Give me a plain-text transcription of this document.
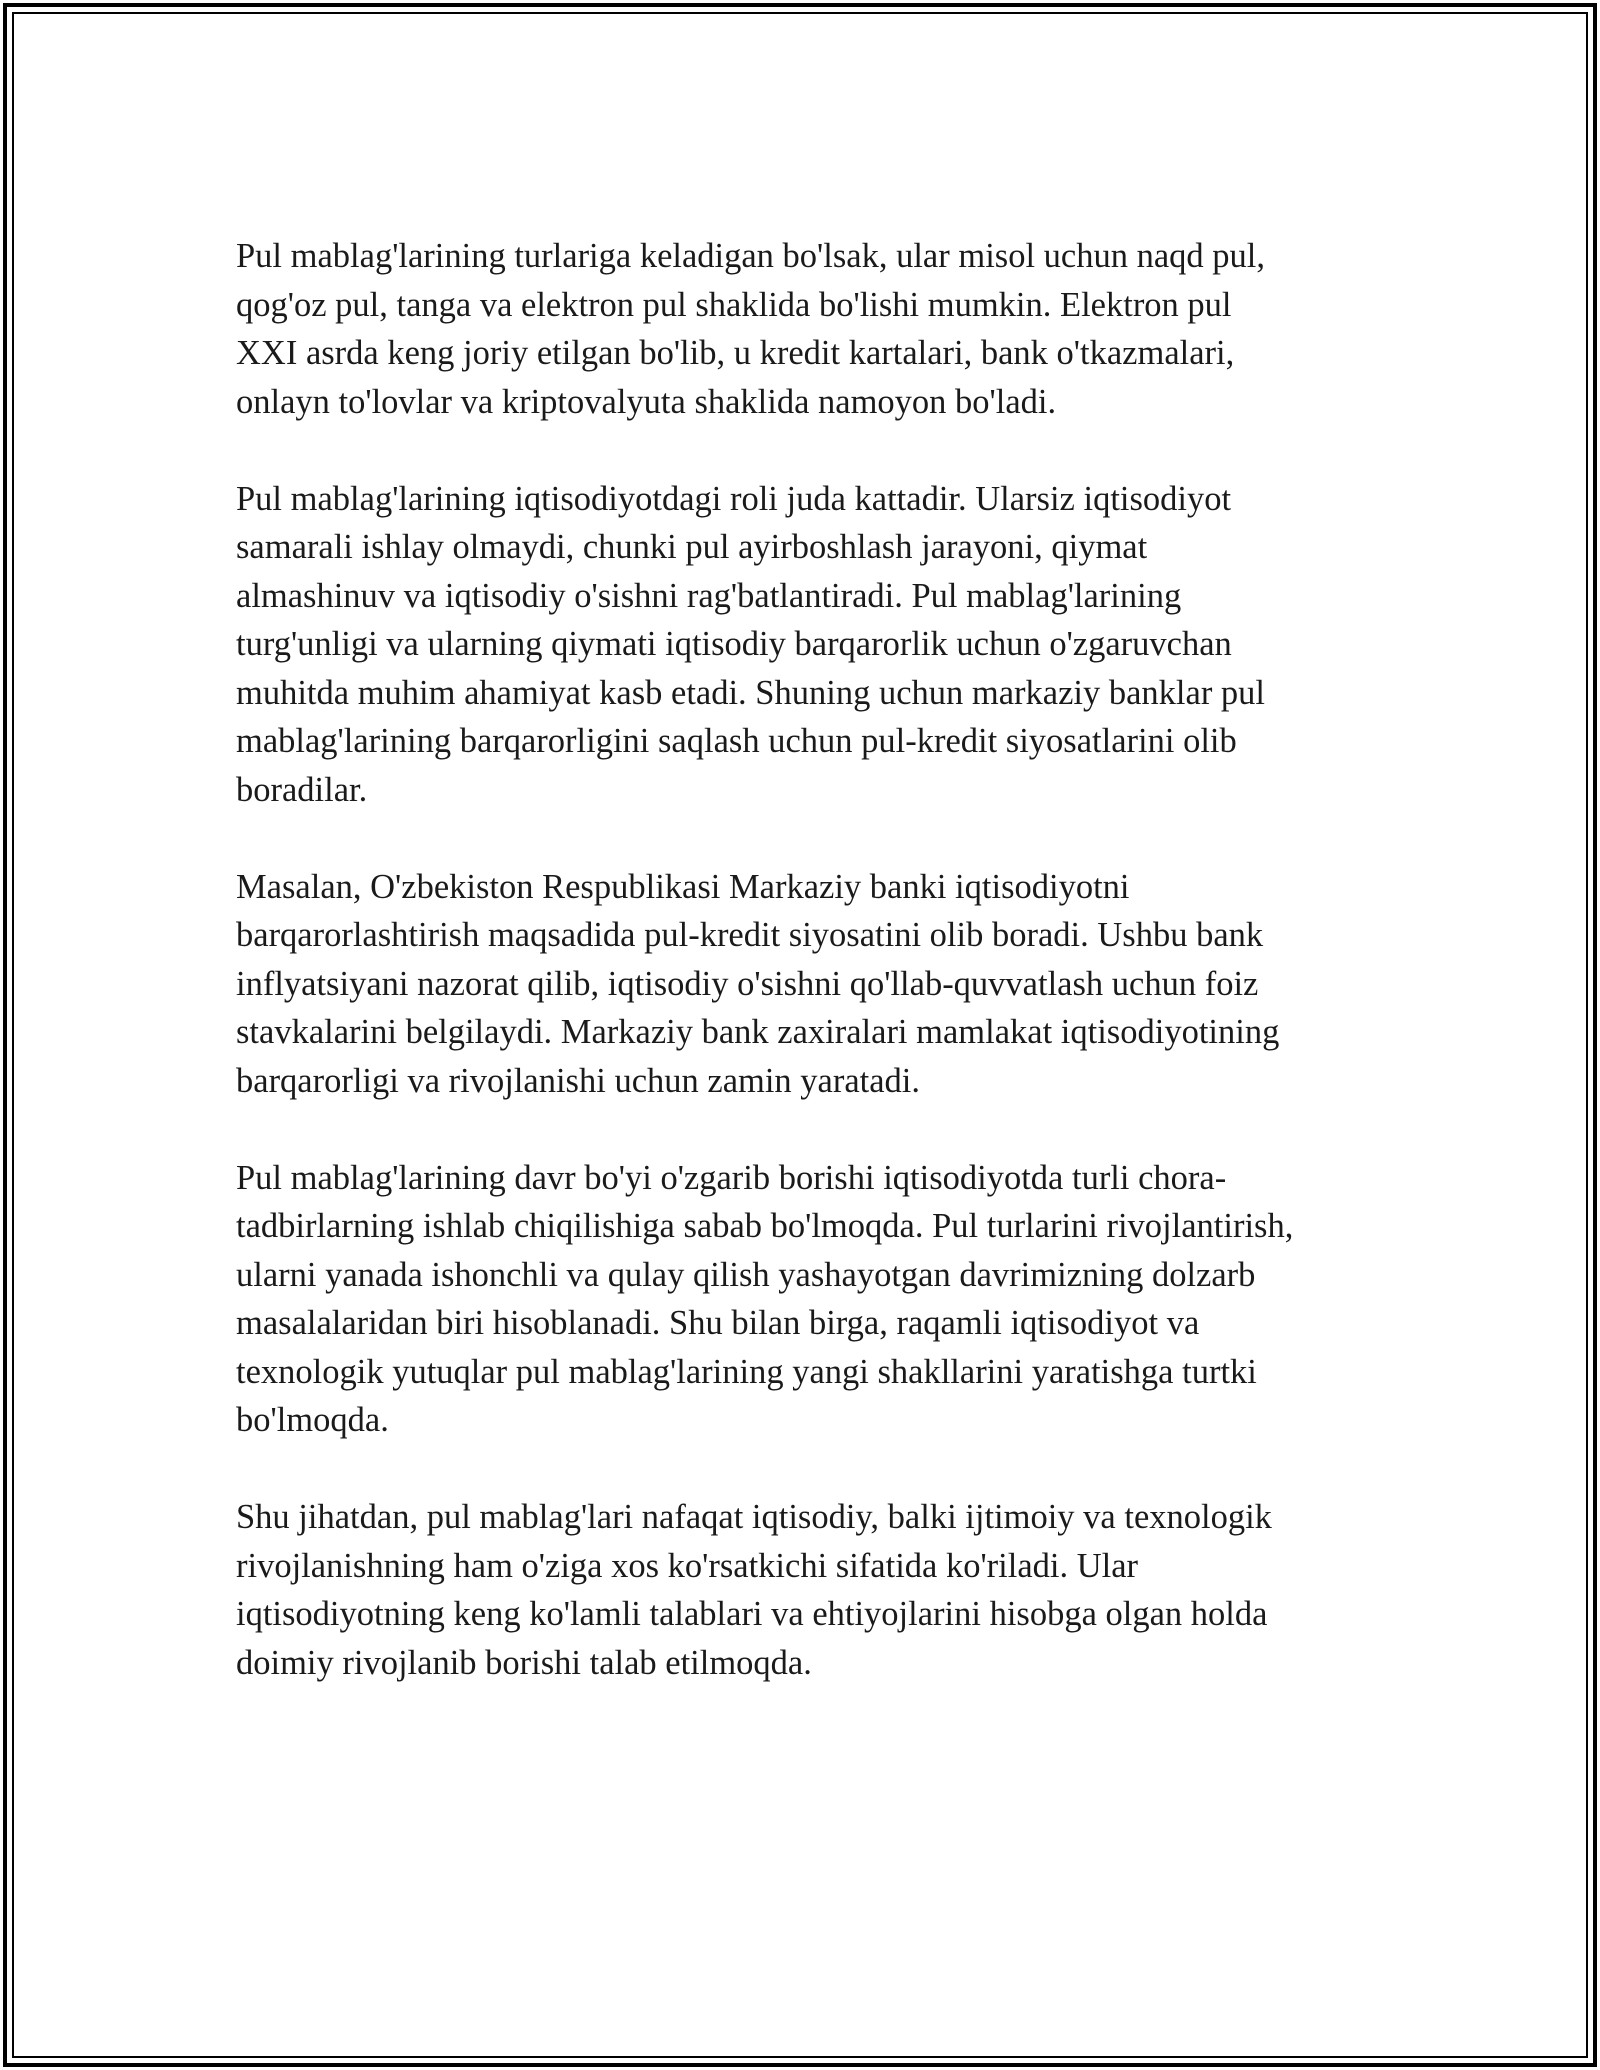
Pul mablag'larining turlariga keladigan bo'lsak, ular misol uchun naqd pul,
qog'oz pul, tanga va elektron pul shaklida bo'lishi mumkin. Elektron pul
XXI asrda keng joriy etilgan bo'lib, u kredit kartalari, bank o'tkazmalari,
onlayn to'lovlar va kriptovalyuta shaklida namoyon bo'ladi.

Pul mablag'larining iqtisodiyotdagi roli juda kattadir. Ularsiz iqtisodiyot
samarali ishlay olmaydi, chunki pul ayirboshlash jarayoni, qiymat
almashinuv va iqtisodiy o'sishni rag'batlantiradi. Pul mablag'larining
turg'unligi va ularning qiymati iqtisodiy barqarorlik uchun o'zgaruvchan
muhitda muhim ahamiyat kasb etadi. Shuning uchun markaziy banklar pul
mablag'larining barqarorligini saqlash uchun pul-kredit siyosatlarini olib
boradilar.

Masalan, O'zbekiston Respublikasi Markaziy banki iqtisodiyotni
barqarorlashtirish maqsadida pul-kredit siyosatini olib boradi. Ushbu bank
inflyatsiyani nazorat qilib, iqtisodiy o'sishni qo'llab-quvvatlash uchun foiz
stavkalarini belgilaydi. Markaziy bank zaxiralari mamlakat iqtisodiyotining
barqarorligi va rivojlanishi uchun zamin yaratadi.

Pul mablag'larining davr bo'yi o'zgarib borishi iqtisodiyotda turli chora-
tadbirlarning ishlab chiqilishiga sabab bo'lmoqda. Pul turlarini rivojlantirish,
ularni yanada ishonchli va qulay qilish yashayotgan davrimizning dolzarb
masalalaridan biri hisoblanadi. Shu bilan birga, raqamli iqtisodiyot va
texnologik yutuqlar pul mablag'larining yangi shakllarini yaratishga turtki
bo'lmoqda.

Shu jihatdan, pul mablag'lari nafaqat iqtisodiy, balki ijtimoiy va texnologik
rivojlanishning ham o'ziga xos ko'rsatkichi sifatida ko'riladi. Ular
iqtisodiyotning keng ko'lamli talablari va ehtiyojlarini hisobga olgan holda
doimiy rivojlanib borishi talab etilmoqda.
